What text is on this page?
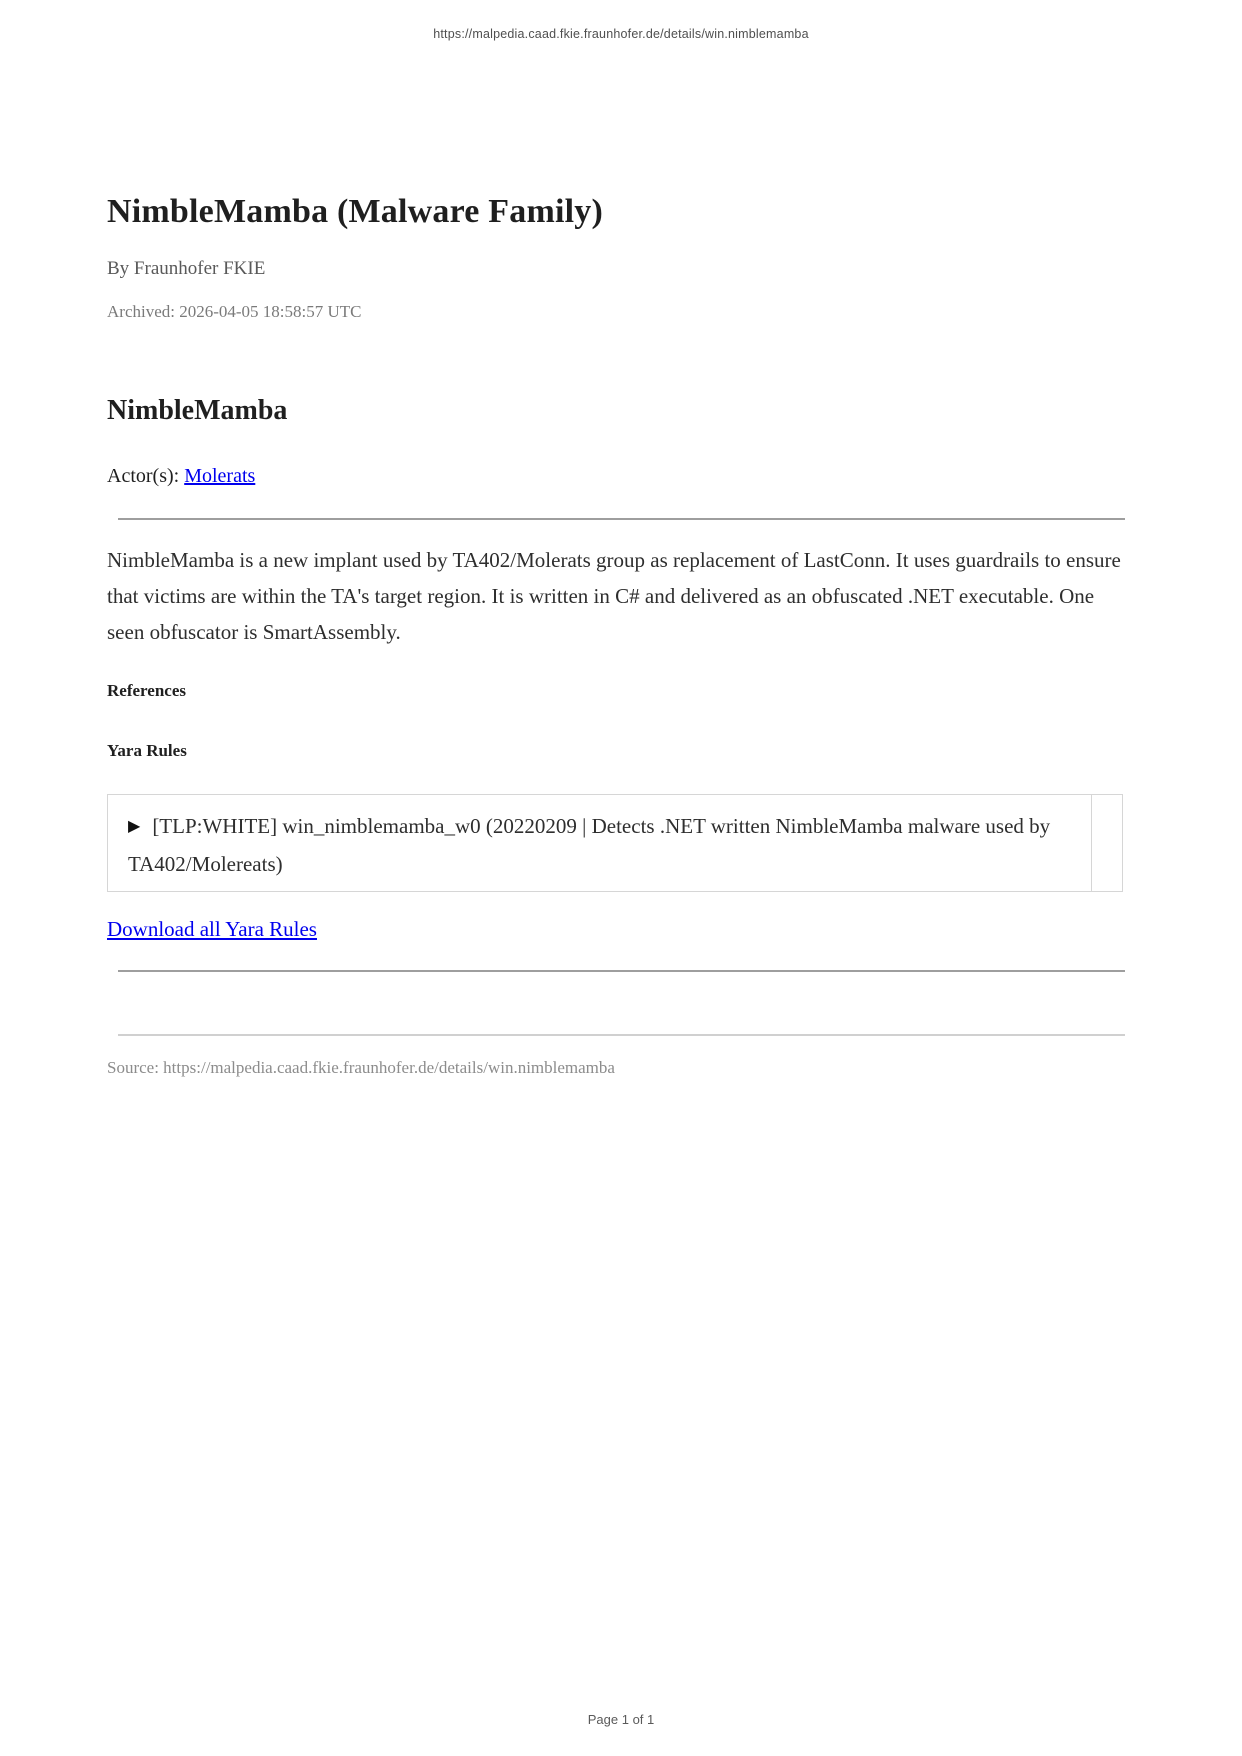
https://malpedia.caad.fkie.fraunhofer.de/details/win.nimblemamba
NimbleMamba (Malware Family)
By Fraunhofer FKIE
Archived: 2026-04-05 18:58:57 UTC
NimbleMamba
Actor(s): Molerats

NimbleMamba is a new implant used by TA402/Molerats group as replacement of LastConn. It uses guardrails to ensure that victims are within the TA's target region. It is written in C# and delivered as an obfuscated .NET executable. One seen obfuscator is SmartAssembly.

References
Yara Rules
▶ [TLP:WHITE] win_nimblemamba_w0 (20220209 | Detects .NET written NimbleMamba malware used by TA402/Molereats)
Download all Yara Rules
Source: https://malpedia.caad.fkie.fraunhofer.de/details/win.nimblemamba
Page 1 of 1
